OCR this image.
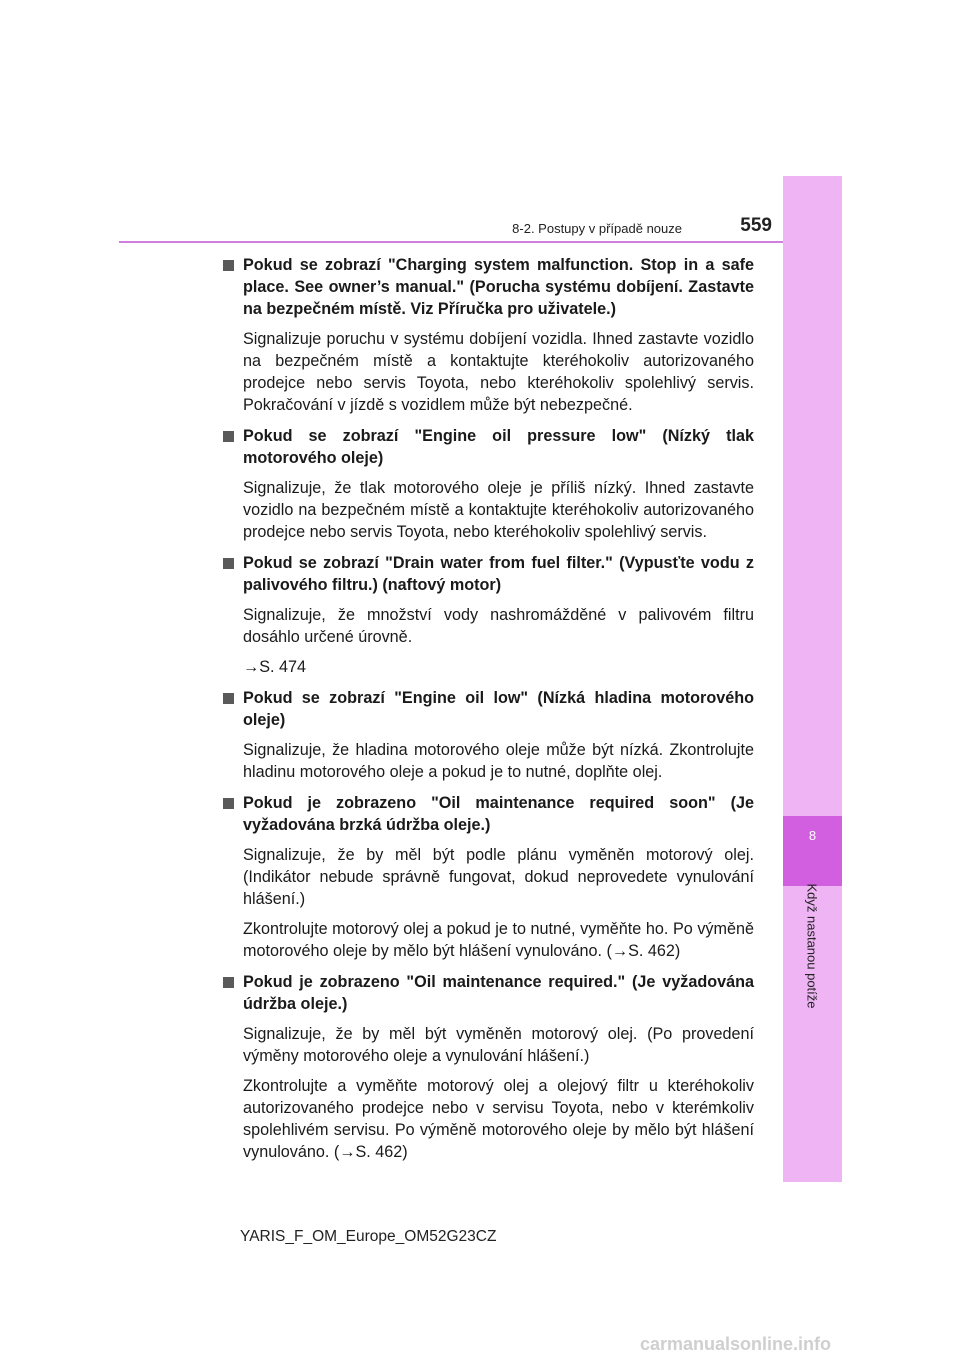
8
Když nastanou potíže
8-2. Postupy v případě nouze	559
Pokud se zobrazí "Charging system malfunction. Stop in a safe place. See owner’s manual." (Porucha systému dobíjení. Zastavte na bezpečném místě. Viz Příručka pro uživatele.)
Signalizuje poruchu v systému dobíjení vozidla. Ihned zastavte vozidlo na bezpečném místě a kontaktujte kteréhokoliv autorizovaného prodejce nebo servis Toyota, nebo kteréhokoliv spolehlivý servis. Pokračování v jízdě s vozidlem může být nebezpečné.
Pokud se zobrazí "Engine oil pressure low" (Nízký tlak motorového oleje)
Signalizuje, že tlak motorového oleje je příliš nízký. Ihned zastavte vozidlo na bezpečném místě a kontaktujte kteréhokoliv autorizovaného prodejce nebo servis Toyota, nebo kteréhokoliv spolehlivý servis.
Pokud se zobrazí "Drain water from fuel filter." (Vypusťte vodu z palivového filtru.) (naftový motor)
Signalizuje, že množství vody nashromážděné v palivovém filtru dosáhlo určené úrovně.
→S. 474
Pokud se zobrazí "Engine oil low" (Nízká hladina motorového oleje)
Signalizuje, že hladina motorového oleje může být nízká. Zkontrolujte hladinu motorového oleje a pokud je to nutné, doplňte olej.
Pokud je zobrazeno "Oil maintenance required soon" (Je vyžadována brzká údržba oleje.)
Signalizuje, že by měl být podle plánu vyměněn motorový olej. (Indikátor nebude správně fungovat, dokud neprovedete vynulování hlášení.)
Zkontrolujte motorový olej a pokud je to nutné, vyměňte ho. Po výměně motorového oleje by mělo být hlášení vynulováno. (→S. 462)
Pokud je zobrazeno "Oil maintenance required." (Je vyžadována údržba oleje.)
Signalizuje, že by měl být vyměněn motorový olej. (Po provedení výměny motorového oleje a vynulování hlášení.)
Zkontrolujte a vyměňte motorový olej a olejový filtr u kteréhokoliv autorizovaného prodejce nebo v servisu Toyota, nebo v kterémkoliv spolehlivém servisu. Po výměně motorového oleje by mělo být hlášení vynulováno. (→S. 462)
YARIS_F_OM_Europe_OM52G23CZ
carmanualsonline.info
